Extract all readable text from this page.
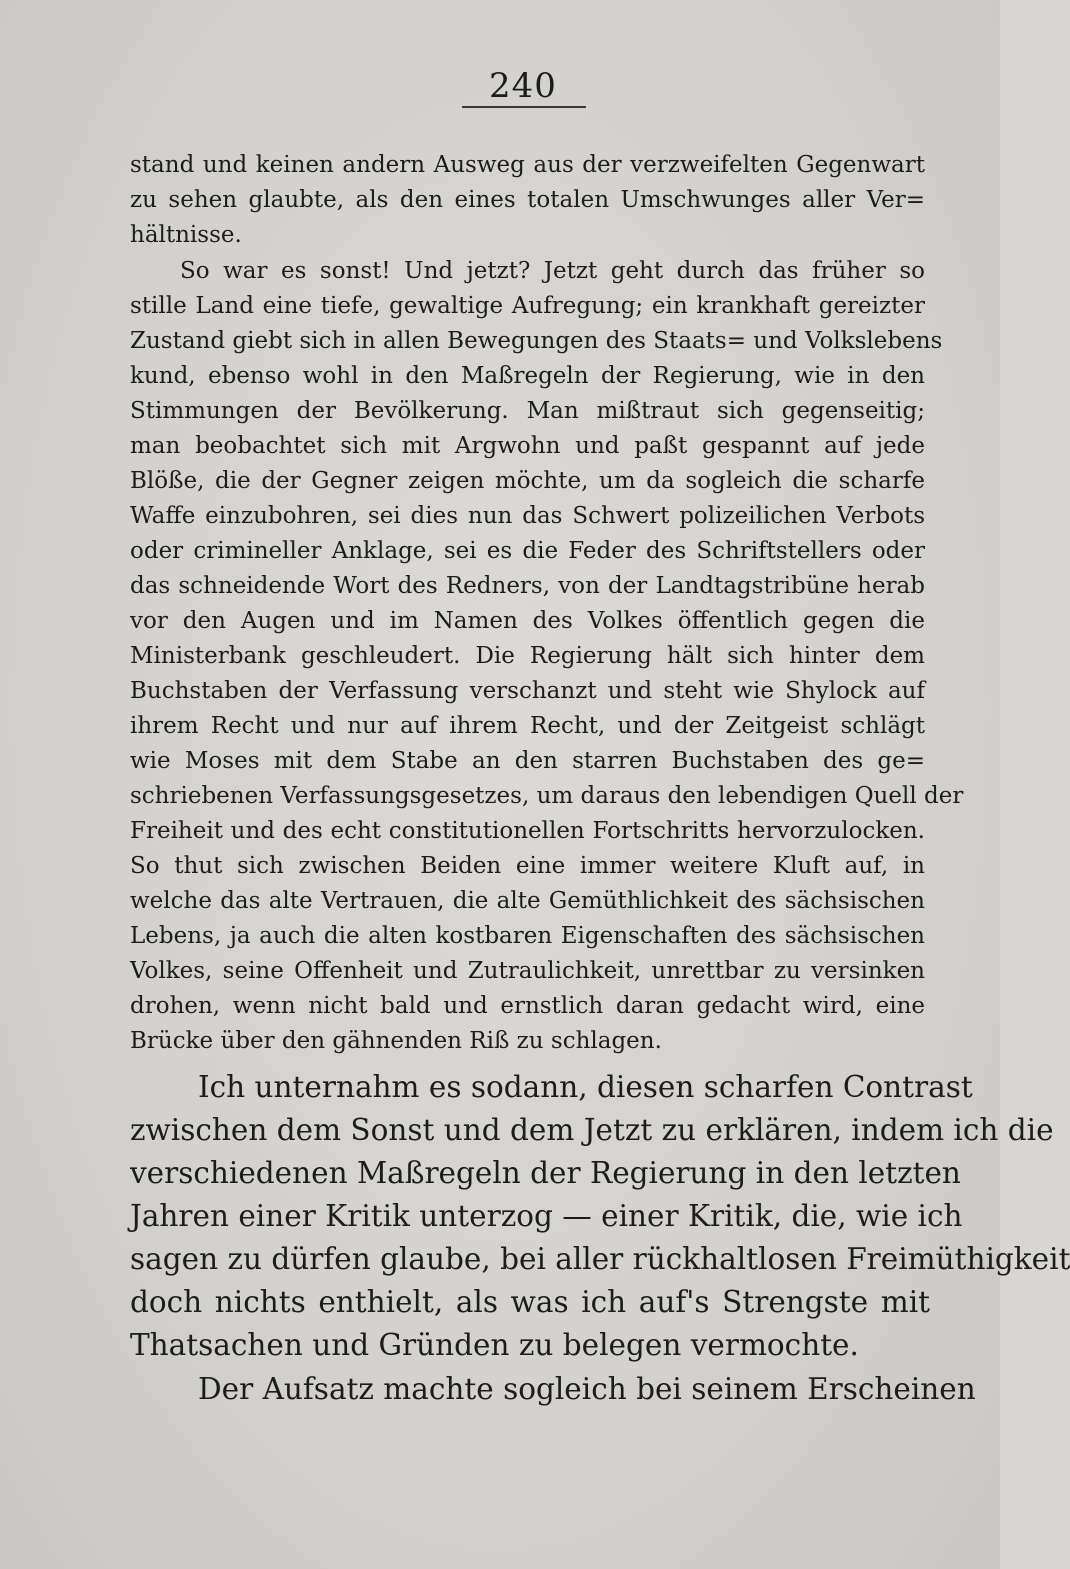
240
stand und keinen andern Ausweg aus der verzweifelten Gegenwart
zu sehen glaubte, als den eines totalen Umschwunges aller Ver=
hältnisse.
So war es sonst! Und jetzt? Jetzt geht durch das früher so
stille Land eine tiefe, gewaltige Aufregung; ein krankhaft gereizter
Zustand giebt sich in allen Bewegungen des Staats= und Volkslebens
kund, ebenso wohl in den Maßregeln der Regierung, wie in den
Stimmungen der Bevölkerung. Man mißtraut sich gegenseitig;
man beobachtet sich mit Argwohn und paßt gespannt auf jede
Blöße, die der Gegner zeigen möchte, um da sogleich die scharfe
Waffe einzubohren, sei dies nun das Schwert polizeilichen Verbots
oder crimineller Anklage, sei es die Feder des Schriftstellers oder
das schneidende Wort des Redners, von der Landtagstribüne herab
vor den Augen und im Namen des Volkes öffentlich gegen die
Ministerbank geschleudert. Die Regierung hält sich hinter dem
Buchstaben der Verfassung verschanzt und steht wie Shylock auf
ihrem Recht und nur auf ihrem Recht, und der Zeitgeist schlägt
wie Moses mit dem Stabe an den starren Buchstaben des ge=
schriebenen Verfassungsgesetzes, um daraus den lebendigen Quell der
Freiheit und des echt constitutionellen Fortschritts hervorzulocken.
So thut sich zwischen Beiden eine immer weitere Kluft auf, in
welche das alte Vertrauen, die alte Gemüthlichkeit des sächsischen
Lebens, ja auch die alten kostbaren Eigenschaften des sächsischen
Volkes, seine Offenheit und Zutraulichkeit, unrettbar zu versinken
drohen, wenn nicht bald und ernstlich daran gedacht wird, eine
Brücke über den gähnenden Riß zu schlagen.
Ich unternahm es sodann, diesen scharfen Contrast
zwischen dem Sonst und dem Jetzt zu erklären, indem ich die
verschiedenen Maßregeln der Regierung in den letzten
Jahren einer Kritik unterzog — einer Kritik, die, wie ich
sagen zu dürfen glaube, bei aller rückhaltlosen Freimüthigkeit
doch nichts enthielt, als was ich auf's Strengste mit
Thatsachen und Gründen zu belegen vermochte.
Der Aufsatz machte sogleich bei seinem Erscheinen
